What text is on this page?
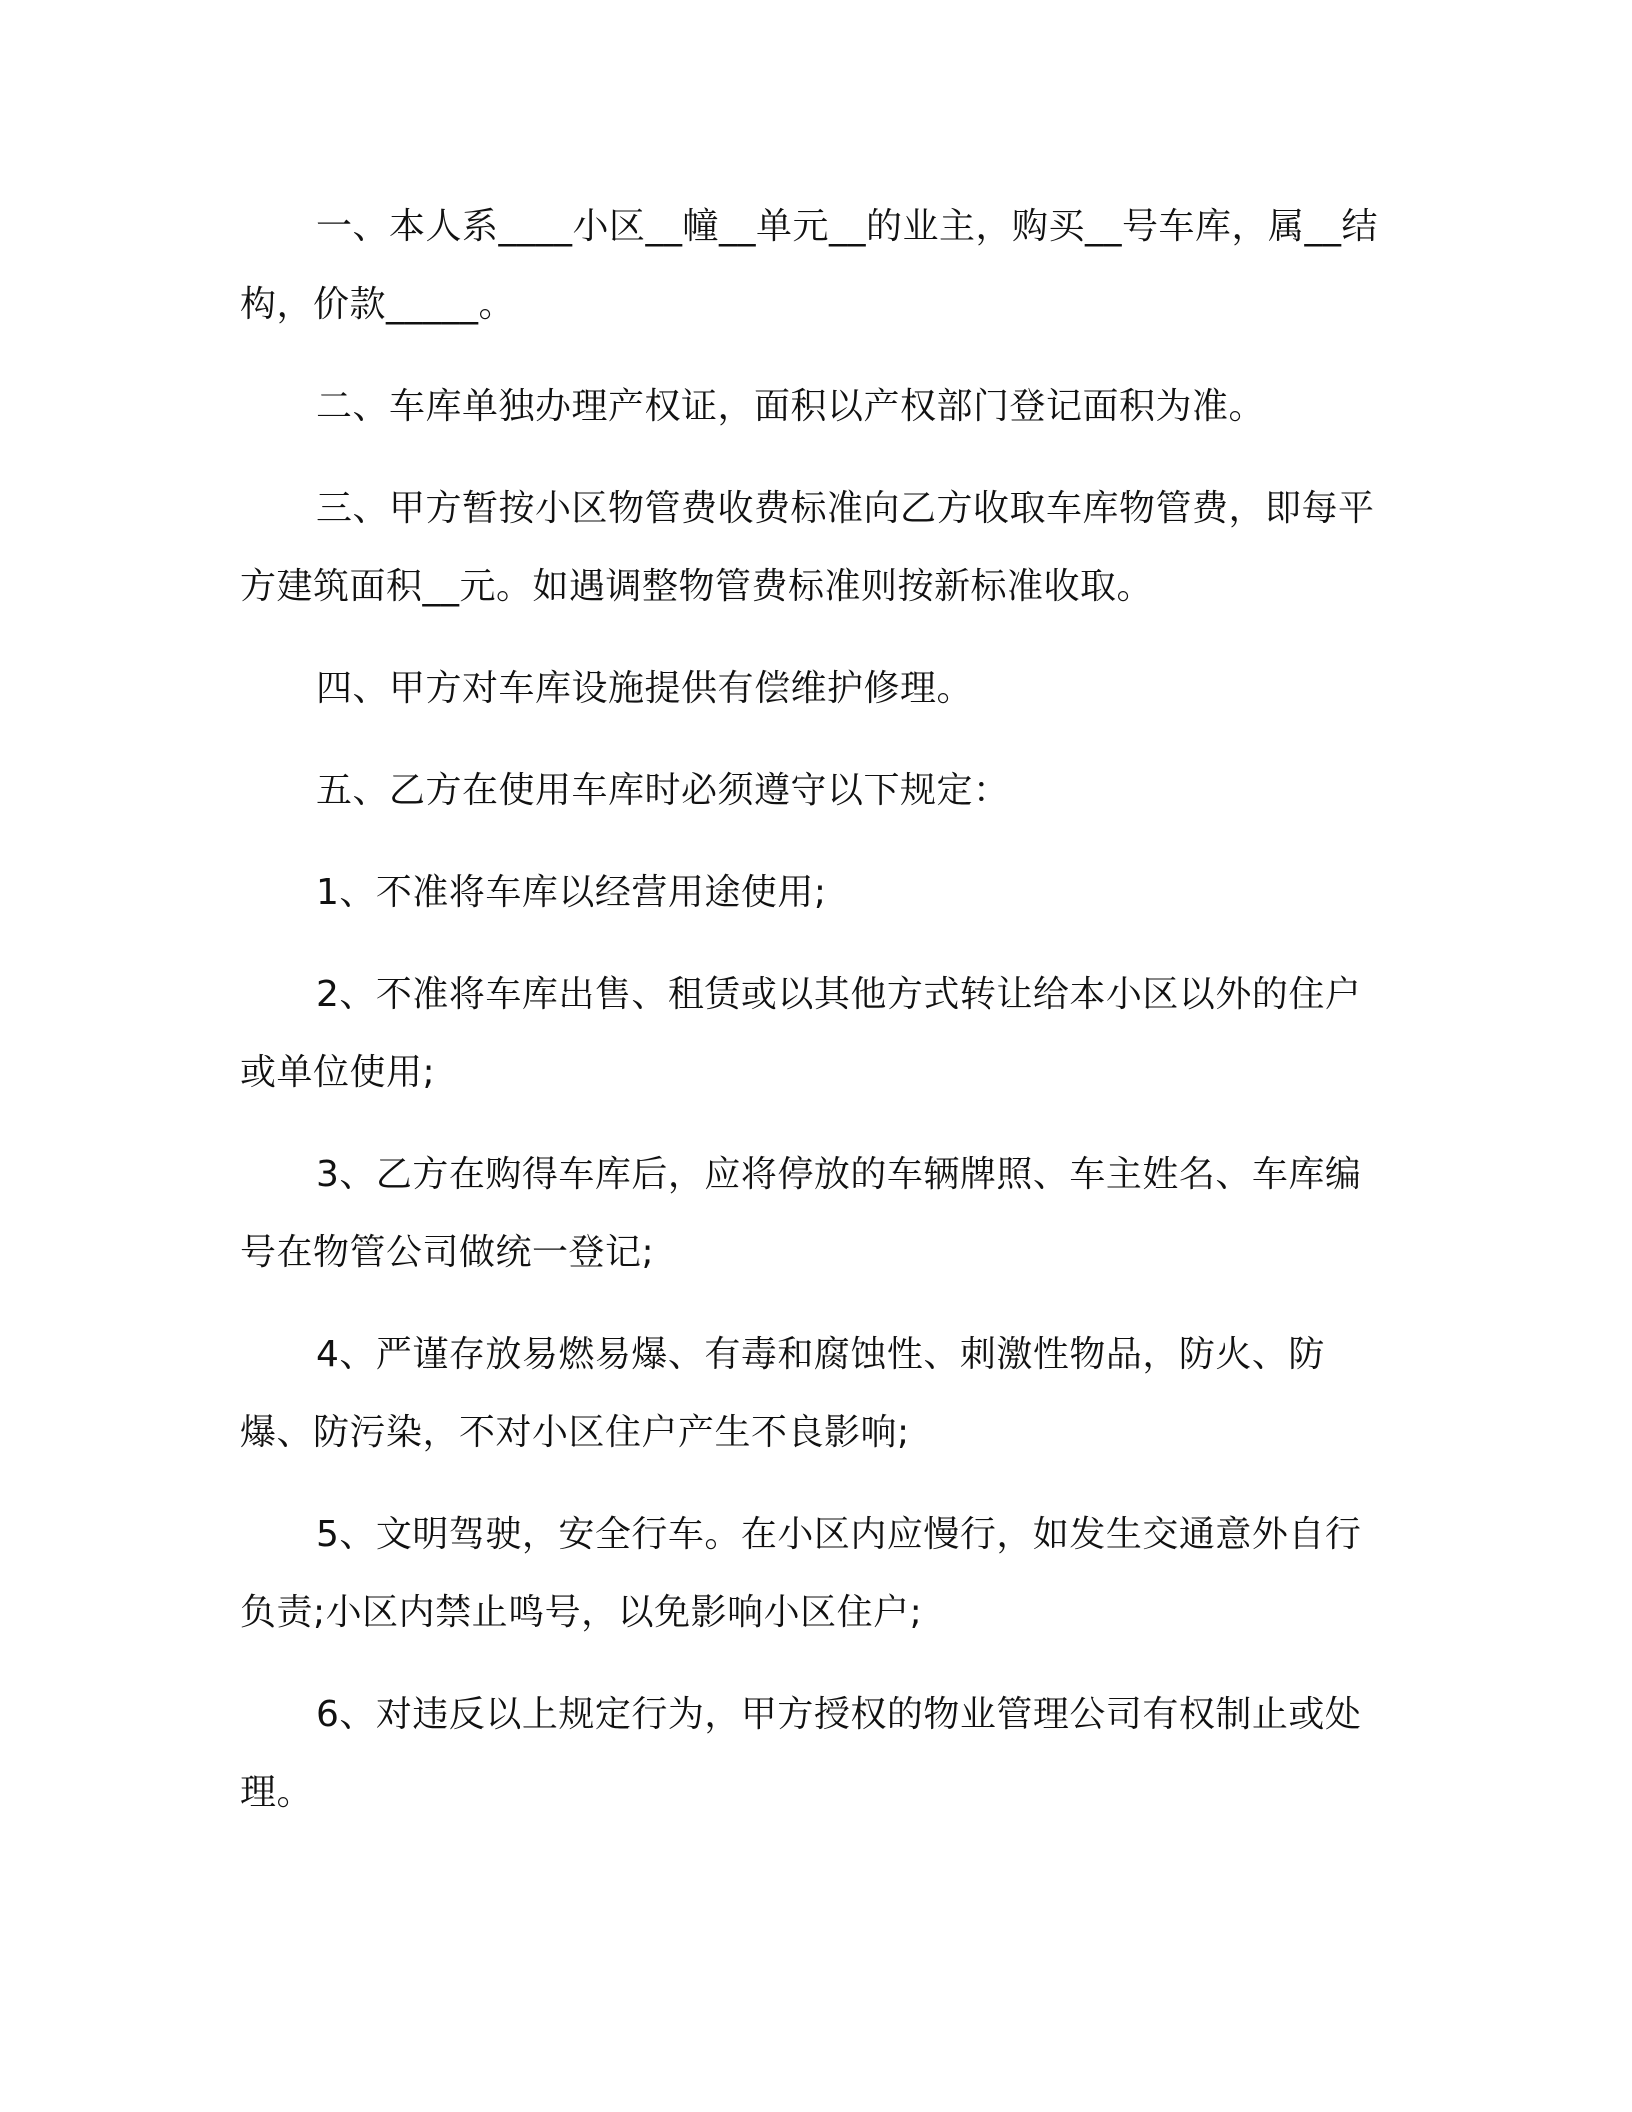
一、本人系____小区__幢__单元__的业主，购买__号车库，属__结构，价款_____。

二、车库单独办理产权证，面积以产权部门登记面积为准。

三、甲方暂按小区物管费收费标准向乙方收取车库物管费，即每平方建筑面积__元。如遇调整物管费标准则按新标准收取。

四、甲方对车库设施提供有偿维护修理。

五、乙方在使用车库时必须遵守以下规定：

1、不准将车库以经营用途使用;

2、不准将车库出售、租赁或以其他方式转让给本小区以外的住户或单位使用;

3、乙方在购得车库后，应将停放的车辆牌照、车主姓名、车库编号在物管公司做统一登记;

4、严谨存放易燃易爆、有毒和腐蚀性、刺激性物品，防火、防爆、防污染，不对小区住户产生不良影响;

5、文明驾驶，安全行车。在小区内应慢行，如发生交通意外自行负责;小区内禁止鸣号，以免影响小区住户;

6、对违反以上规定行为，甲方授权的物业管理公司有权制止或处理。
